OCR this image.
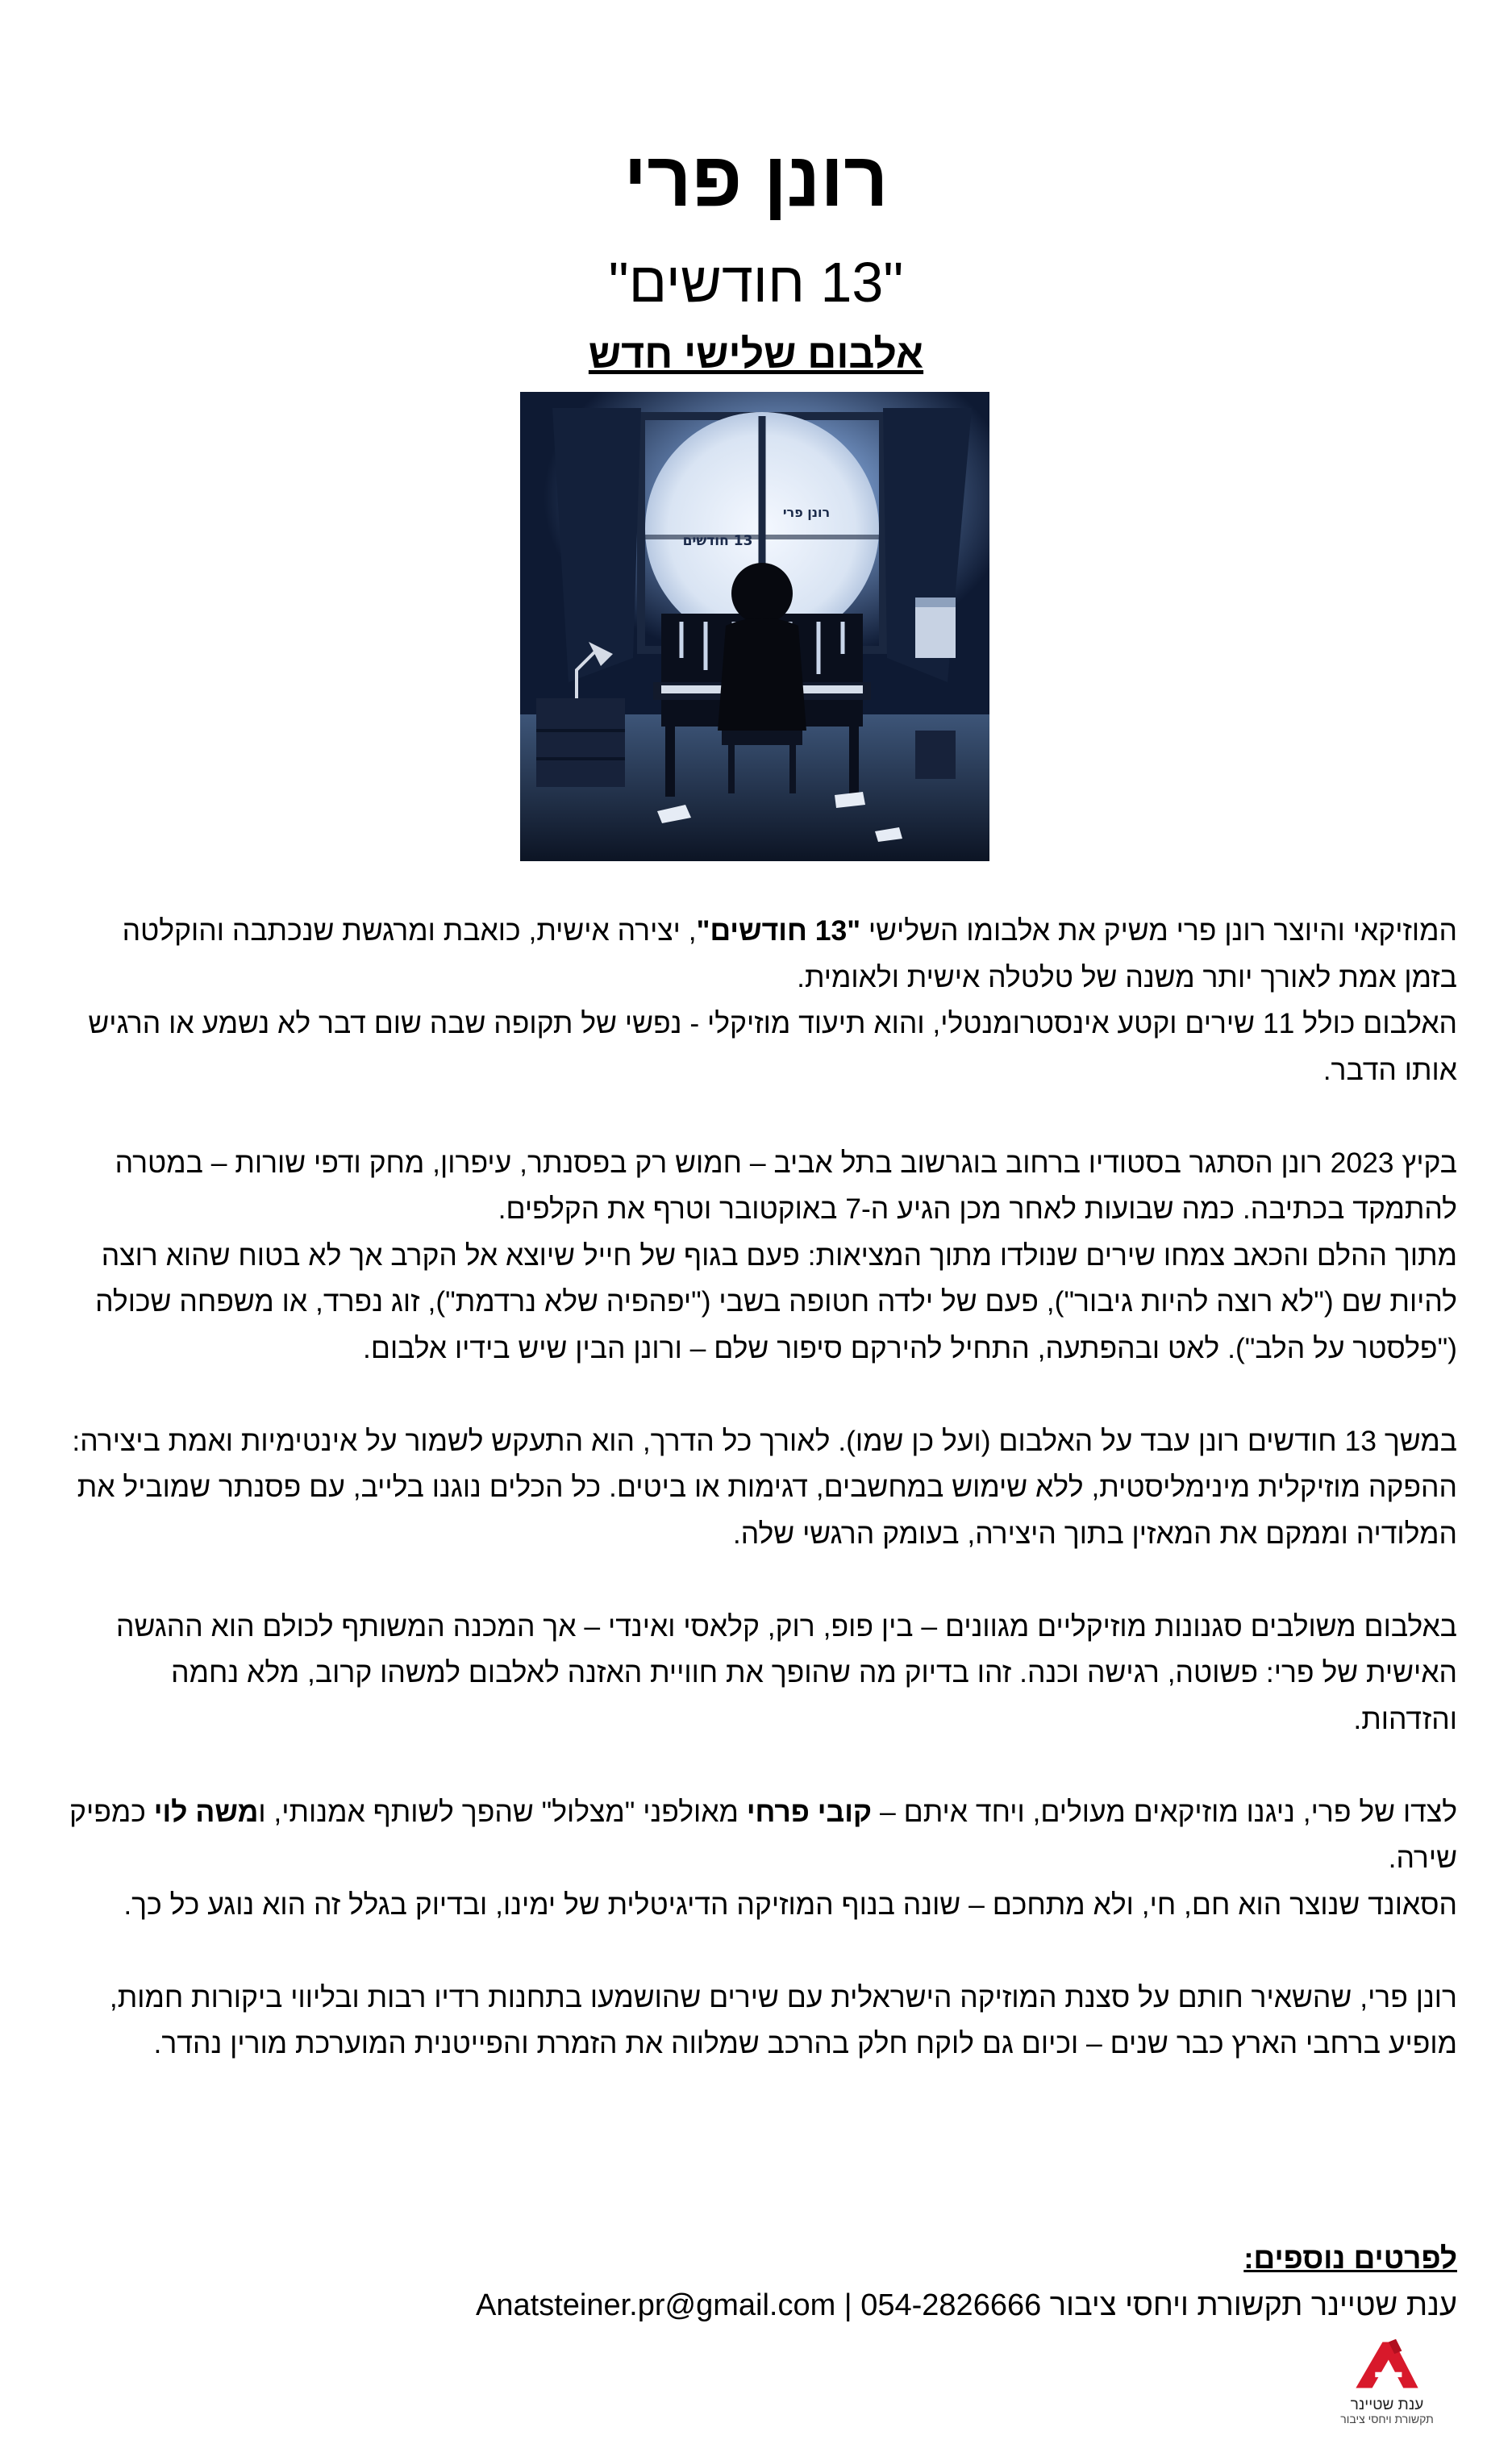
רונן פרי
"13 חודשים"
אלבום שלישי חדש
רונן פרי
13 חודשים

המוזיקאי והיוצר רונן פרי משיק את אלבומו השלישי "13 חודשים", יצירה אישית, כואבת ומרגשת שנכתבה והוקלטה בזמן אמת לאורך יותר משנה של טלטלה אישית ולאומית.

האלבום כולל 11 שירים וקטע אינסטרומנטלי, והוא תיעוד מוזיקלי - נפשי של תקופה שבה שום דבר לא נשמע או הרגיש אותו הדבר.

בקיץ 2023 רונן הסתגר בסטודיו ברחוב בוגרשוב בתל אביב – חמוש רק בפסנתר, עיפרון, מחק ודפי שורות – במטרה להתמקד בכתיבה. כמה שבועות לאחר מכן הגיע ה-7 באוקטובר וטרף את הקלפים.

מתוך ההלם והכאב צמחו שירים שנולדו מתוך המציאות: פעם בגוף של חייל שיוצא אל הקרב אך לא בטוח שהוא רוצה להיות שם ("לא רוצה להיות גיבור"), פעם של ילדה חטופה בשבי ("יפהפיה שלא נרדמת"), זוג נפרד, או משפחה שכולה ("פלסטר על הלב"). לאט ובהפתעה, התחיל להירקם סיפור שלם – ורונן הבין שיש בידיו אלבום.

במשך 13 חודשים רונן עבד על האלבום (ועל כן שמו). לאורך כל הדרך, הוא התעקש לשמור על אינטימיות ואמת ביצירה: ההפקה מוזיקלית מינימליסטית, ללא שימוש במחשבים, דגימות או ביטים. כל הכלים נוגנו בלייב, עם פסנתר שמוביל את המלודיה וממקם את המאזין בתוך היצירה, בעומק הרגשי שלה.

באלבום משולבים סגנונות מוזיקליים מגוונים – בין פופ, רוק, קלאסי ואינדי – אך המכנה המשותף לכולם הוא ההגשה האישית של פרי: פשוטה, רגישה וכנה. זהו בדיוק מה שהופך את חוויית האזנה לאלבום למשהו קרוב, מלא נחמה והזדהות.

לצדו של פרי, ניגנו מוזיקאים מעולים, ויחד איתם – קובי פרחי מאולפני "מצלול" שהפך לשותף אמנותי, ומשה לוי כמפיק שירה.

הסאונד שנוצר הוא חם, חי, ולא מתחכם – שונה בנוף המוזיקה הדיגיטלית של ימינו, ובדיוק בגלל זה הוא נוגע כל כך.

רונן פרי, שהשאיר חותם על סצנת המוזיקה הישראלית עם שירים שהושמעו בתחנות רדיו רבות ובליווי ביקורות חמות, מופיע ברחבי הארץ כבר שנים – וכיום גם לוקח חלק בהרכב שמלווה את הזמרת והפייטנית המוערכת מורין נהדר.

לפרטים נוספים:
ענת שטיינר תקשורת ויחסי ציבור 054-2826666 | Anatsteiner.pr@gmail.com
ענת שטיינר
תקשורת ויחסי ציבור
